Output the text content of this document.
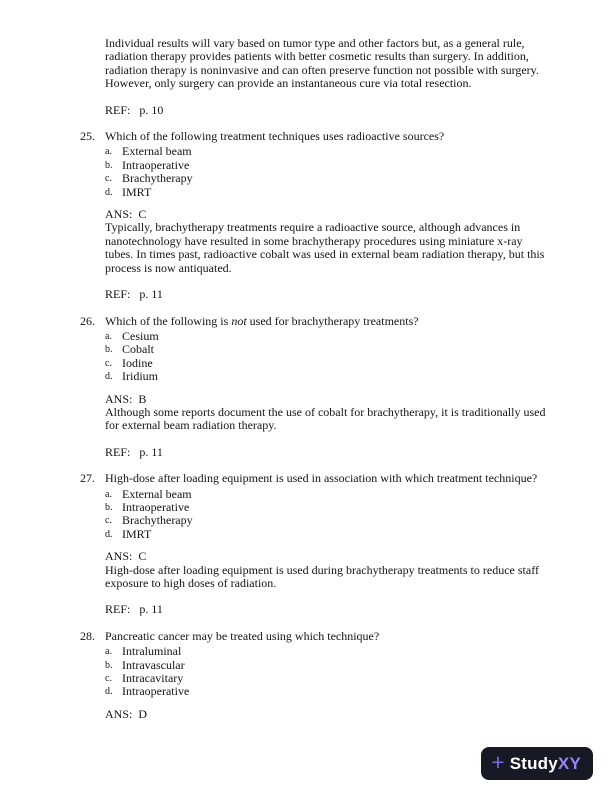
Individual results will vary based on tumor type and other factors but, as a general rule, radiation therapy provides patients with better cosmetic results than surgery. In addition, radiation therapy is noninvasive and can often preserve function not possible with surgery. However, only surgery can provide an instantaneous cure via total resection.
REF:   p. 10
25. Which of the following treatment techniques uses radioactive sources?
a. External beam
b. Intraoperative
c. Brachytherapy
d. IMRT
ANS:  C
Typically, brachytherapy treatments require a radioactive source, although advances in nanotechnology have resulted in some brachytherapy procedures using miniature x-ray tubes. In times past, radioactive cobalt was used in external beam radiation therapy, but this process is now antiquated.
REF:   p. 11
26. Which of the following is not used for brachytherapy treatments?
a. Cesium
b. Cobalt
c. Iodine
d. Iridium
ANS:  B
Although some reports document the use of cobalt for brachytherapy, it is traditionally used for external beam radiation therapy.
REF:   p. 11
27. High-dose after loading equipment is used in association with which treatment technique?
a. External beam
b. Intraoperative
c. Brachytherapy
d. IMRT
ANS:  C
High-dose after loading equipment is used during brachytherapy treatments to reduce staff exposure to high doses of radiation.
REF:   p. 11
28. Pancreatic cancer may be treated using which technique?
a. Intraluminal
b. Intravascular
c. Intracavitary
d. Intraoperative
ANS:  D
+ Study XY
